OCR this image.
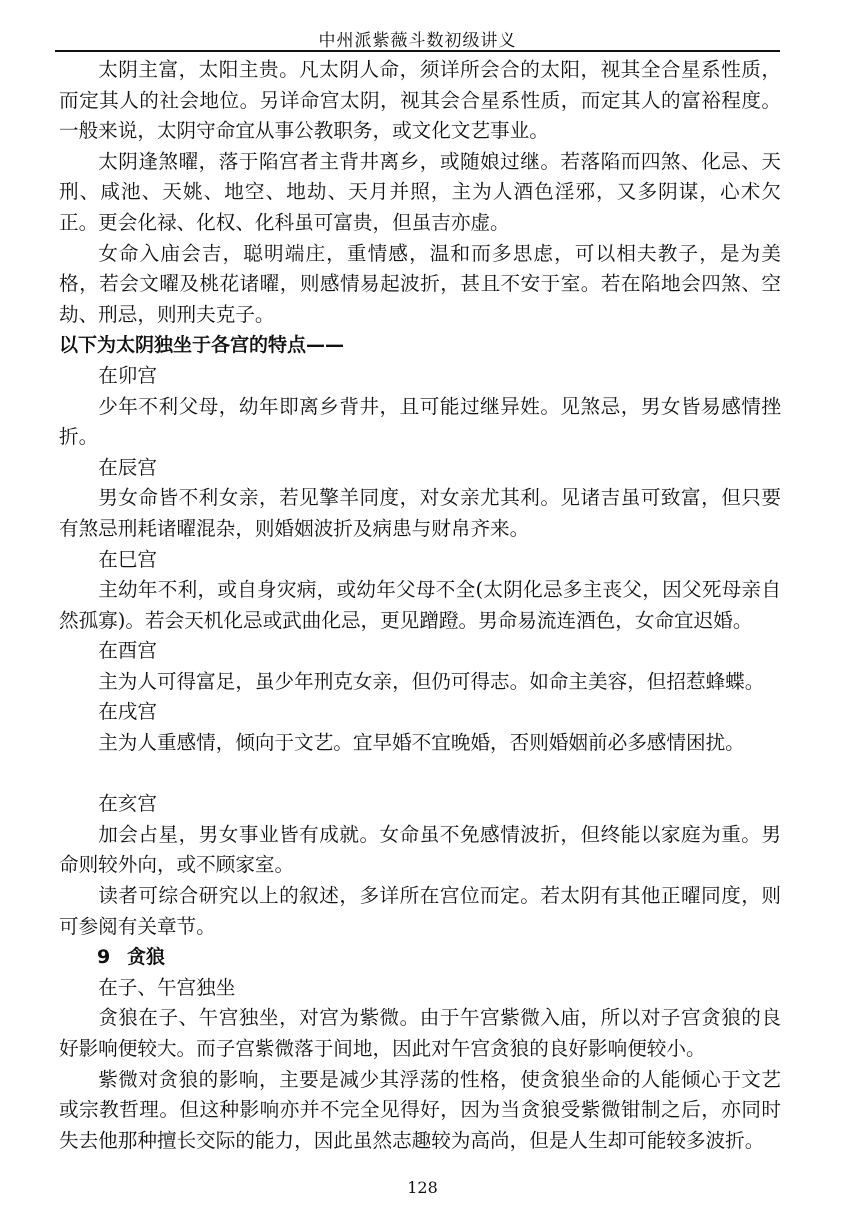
中州派紫薇斗数初级讲义

太阴主富，太阳主贵。凡太阴人命，须详所会合的太阳，视其全合星系性质，而定其人的社会地位。另详命宫太阴，视其会合星系性质，而定其人的富裕程度。一般来说，太阴守命宜从事公教职务，或文化文艺事业。

太阴逢煞曜，落于陷宫者主背井离乡，或随娘过继。若落陷而四煞、化忌、天刑、咸池、天姚、地空、地劫、天月并照，主为人酒色淫邪，又多阴谋，心术欠正。更会化禄、化权、化科虽可富贵，但虽吉亦虚。

女命入庙会吉，聪明端庄，重情感，温和而多思虑，可以相夫教子，是为美格，若会文曜及桃花诸曜，则感情易起波折，甚且不安于室。若在陷地会四煞、空劫、刑忌，则刑夫克子。

以下为太阴独坐于各宫的特点——
在卯宫

少年不利父母，幼年即离乡背井，且可能过继异姓。见煞忌，男女皆易感情挫折。

在辰宫

男女命皆不利女亲，若见擎羊同度，对女亲尤其利。见诸吉虽可致富，但只要有煞忌刑耗诸曜混杂，则婚姻波折及病患与财帛齐来。

在巳宫

主幼年不利，或自身灾病，或幼年父母不全(太阴化忌多主丧父，因父死母亲自然孤寡)。若会天机化忌或武曲化忌，更见蹭蹬。男命易流连酒色，女命宜迟婚。

在酉宫

主为人可得富足，虽少年刑克女亲，但仍可得志。如命主美容，但招惹蜂蝶。

在戌宫

主为人重感情，倾向于文艺。宜早婚不宜晚婚，否则婚姻前必多感情困扰。

在亥宫

加会占星，男女事业皆有成就。女命虽不免感情波折，但终能以家庭为重。男命则较外向，或不顾家室。

读者可综合研究以上的叙述，多详所在宫位而定。若太阴有其他正曜同度，则可参阅有关章节。

9 贪狼
在子、午宫独坐

贪狼在子、午宫独坐，对宫为紫微。由于午宫紫微入庙，所以对子宫贪狼的良好影响便较大。而子宫紫微落于间地，因此对午宫贪狼的良好影响便较小。

紫微对贪狼的影响，主要是减少其浮荡的性格，使贪狼坐命的人能倾心于文艺或宗教哲理。但这种影响亦并不完全见得好，因为当贪狼受紫微钳制之后，亦同时失去他那种擅长交际的能力，因此虽然志趣较为高尚，但是人生却可能较多波折。

128
